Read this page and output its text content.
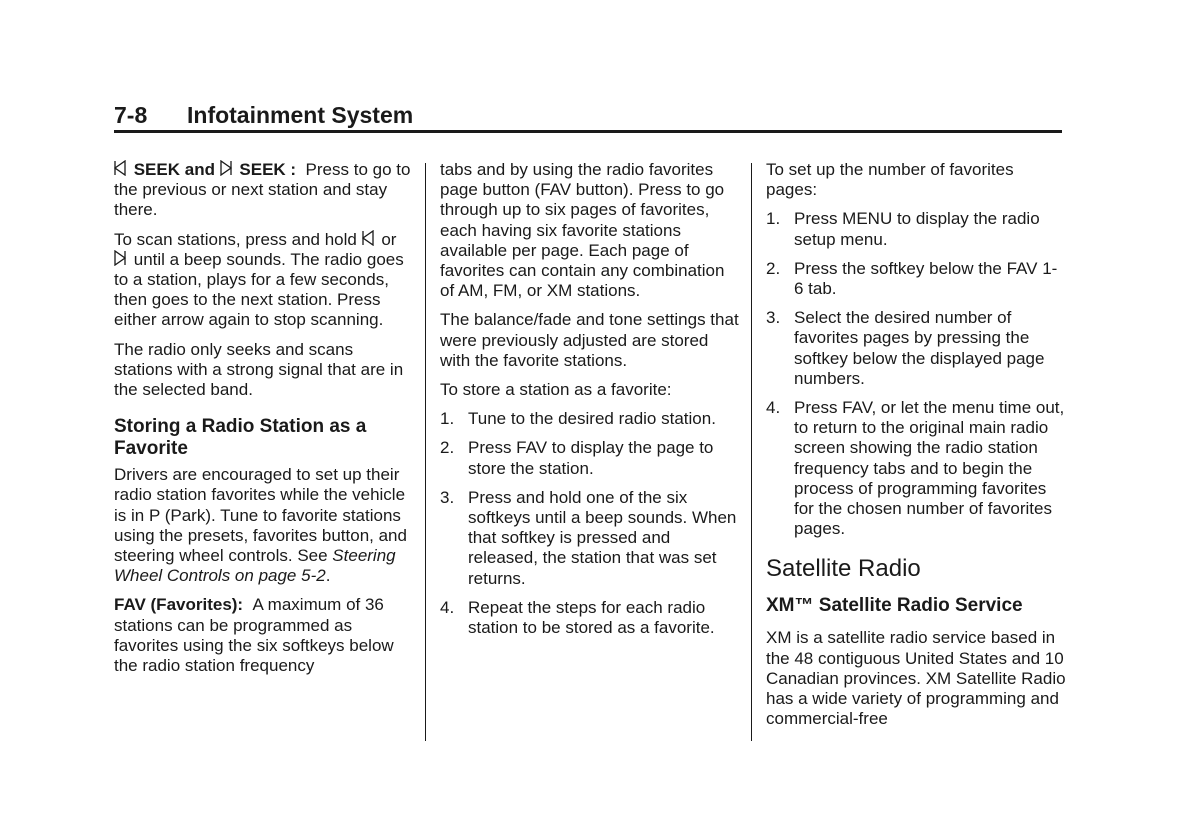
7-8 Infotainment System

SEEK and
SEEK : Press to go to the previous or next station and stay there.

To scan stations, press and hold or
until a beep sounds. The radio goes to a station, plays for a few seconds, then goes to the next station. Press either arrow again to stop scanning.

The radio only seeks and scans stations with a strong signal that are in the selected band.

Storing a Radio Station as a Favorite

Drivers are encouraged to set up their radio station favorites while the vehicle is in P (Park). Tune to favorite stations using the presets, favorites button, and steering wheel controls. See Steering Wheel Controls on page 5-2.

FAV (Favorites): A maximum of 36 stations can be programmed as favorites using the six softkeys below the radio station frequency

tabs and by using the radio favorites page button (FAV button). Press to go through up to six pages of favorites, each having six favorite stations available per page. Each page of favorites can contain any combination of AM, FM, or XM stations.

The balance/fade and tone settings that were previously adjusted are stored with the favorite stations.

To store a station as a favorite:

1. Tune to the desired radio station.
2. Press FAV to display the page to store the station.
3. Press and hold one of the six softkeys until a beep sounds. When that softkey is pressed and released, the station that was set returns.
4. Repeat the steps for each radio station to be stored as a favorite.

To set up the number of favorites pages:

1. Press MENU to display the radio setup menu.
2. Press the softkey below the FAV 1-6 tab.
3. Select the desired number of favorites pages by pressing the softkey below the displayed page numbers.
4. Press FAV, or let the menu time out, to return to the original main radio screen showing the radio station frequency tabs and to begin the process of programming favorites for the chosen number of favorites pages.
Satellite Radio
XM™ Satellite Radio Service

XM is a satellite radio service based in the 48 contiguous United States and 10 Canadian provinces. XM Satellite Radio has a wide variety of programming and commercial-free
